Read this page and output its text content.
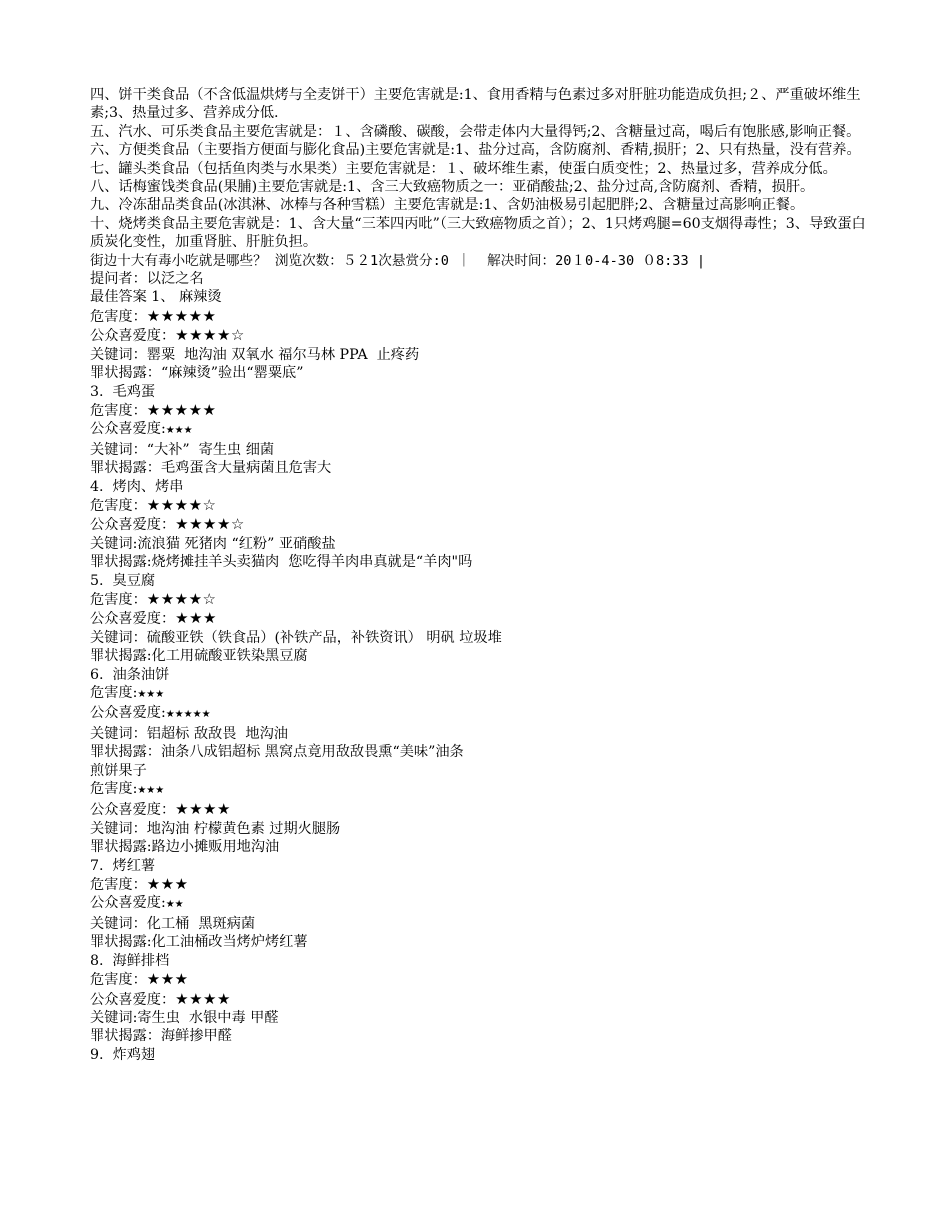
四、饼干类食品（不含低温烘烤与全麦饼干）主要危害就是:1、食用香精与色素过多对肝脏功能造成负担;２、严重破坏维生素;3、热量过多、营养成分低.

五、汽水、可乐类食品主要危害就是：１、含磷酸、碳酸，会带走体内大量得钙;2、含糖量过高，喝后有饱胀感,影响正餐。

六、方便类食品（主要指方便面与膨化食品)主要危害就是:1、盐分过高，含防腐剂、香精,损肝；2、只有热量，没有营养。

七、罐头类食品（包括鱼肉类与水果类）主要危害就是：１、破坏维生素，使蛋白质变性；2、热量过多，营养成分低。

八、话梅蜜饯类食品(果脯)主要危害就是:1、含三大致癌物质之一：亚硝酸盐;2、盐分过高,含防腐剂、香精，损肝。

九、冷冻甜品类食品(冰淇淋、冰棒与各种雪糕）主要危害就是:1、含奶油极易引起肥胖;2、含糖量过高影响正餐。

十、烧烤类食品主要危害就是：1、含大量“三苯四丙吡”（三大致癌物质之首）；2、1只烤鸡腿=60支烟得毒性；3、导致蛋白质炭化变性，加重肾脏、肝脏负担。

街边十大有毒小吃就是哪些？ 浏览次数：５２1次悬赏分:0 ｜  解决时间：20１0-4-30 ０8:33 |

提问者：以泛之名

最佳答案 1、 麻辣烫

危害度：★★★★★

公众喜爱度：★★★★☆

关键词：罂粟  地沟油 双氧水 福尔马林 PPA  止疼药

罪状揭露：“麻辣烫”验出“罂粟底”

3.  毛鸡蛋

危害度：★★★★★

公众喜爱度:★★★

关键词：“大补”  寄生虫 细菌

罪状揭露：毛鸡蛋含大量病菌且危害大

4.  烤肉、烤串

危害度：★★★★☆

公众喜爱度：★★★★☆

关键词:流浪猫 死猪肉 “红粉” 亚硝酸盐

罪状揭露:烧烤摊挂羊头卖猫肉  您吃得羊肉串真就是“羊肉"吗

5.  臭豆腐

危害度：★★★★☆

公众喜爱度：★★★

关键词：硫酸亚铁（铁食品）(补铁产品，补铁资讯） 明矾 垃圾堆

罪状揭露:化工用硫酸亚铁染黑豆腐

6.  油条油饼

危害度:★★★

公众喜爱度:★★★★★

关键词：铝超标 敌敌畏  地沟油

罪状揭露：油条八成铝超标 黑窝点竟用敌敌畏熏“美味”油条

煎饼果子

危害度:★★★

公众喜爱度：★★★★

关键词：地沟油 柠檬黄色素 过期火腿肠

罪状揭露:路边小摊贩用地沟油

7.  烤红薯

危害度：★★★

公众喜爱度:★★

关键词：化工桶  黑斑病菌

罪状揭露:化工油桶改当烤炉烤红薯

8.  海鲜排档

危害度：★★★

公众喜爱度：★★★★

关键词:寄生虫  水银中毒 甲醛

罪状揭露：海鲜掺甲醛

9.  炸鸡翅
